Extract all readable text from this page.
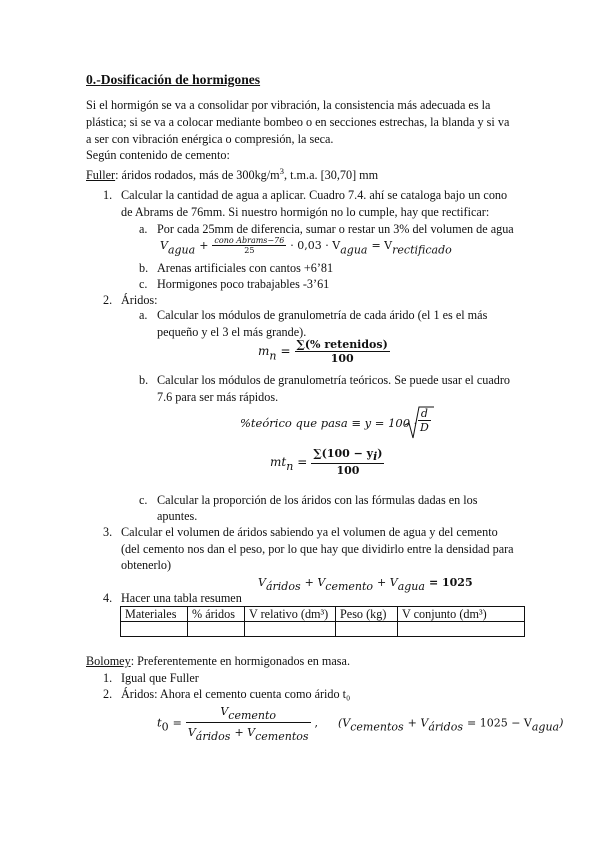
0.-Dosificación de hormigones
Si el hormigón se va a consolidar por vibración, la consistencia más adecuada es la
plástica; si se va a colocar mediante bombeo o en secciones estrechas, la blanda y si va
a ser con vibración enérgica o compresión, la seca.
Según contenido de cemento:
Fuller: áridos rodados, más de $300kg/m^3$, t.m.a. [30,70] mm
1. Calcular la cantidad de agua a aplicar. Cuadro 7.4. ahí se cataloga bajo un cono
de Abrams de 76mm. Si nuestro hormigón no lo cumple, hay que rectificar:
a. Por cada 25mm de diferencia, sumar o restar un 3% del volumen de agua
$V_{agua} + \frac{\text{cono Abrams−76}}{25} \cdot 0,03 \cdot V_{agua} = V_{rectificado}$
b. Arenas artificiales con cantos +6’81
c. Hormigones poco trabajables -3’61
2. Áridos:
a. Calcular los módulos de granulometría de cada árido (el 1 es el más
pequeño y el 3 el más grande).
$m_n = \frac{\text{∑(\% retenidos)}}{100}$
b. Calcular los módulos de granulometría teóricos. Se puede usar el cuadro
7.6 para ser más rápidos.
%teórico que pasa ≡ $y = 100 \cdot \frac{d}{D}$
$mt_n = \frac{\sum(100 - y_i)}{100}$
c. Calcular la proporción de los áridos con las fórmulas dadas en los
apuntes.
3. Calcular el volumen de áridos sabiendo ya el volumen de agua y del cemento
(del cemento nos dan el peso, por lo que hay que dividirlo entre la densidad para
obtenerlo)
$V_{áridos} + V_{cemento} + V_{agua} = 1025$
4. Hacer una tabla resumen
Materiales	% áridos	V relativo (dm³)	Peso (kg)	V conjunto (dm³)

Bolomey: Preferentemente en hormigonados en masa.
1. Igual que Fuller
2. Áridos: Ahora el cemento cuenta como árido t₀
$t_0 = \frac{V_{cemento}}{V_{áridos} + V_{cementos}}$ , $(V_{cementos} + V_{áridos} = 1025 - V_{agua})$
